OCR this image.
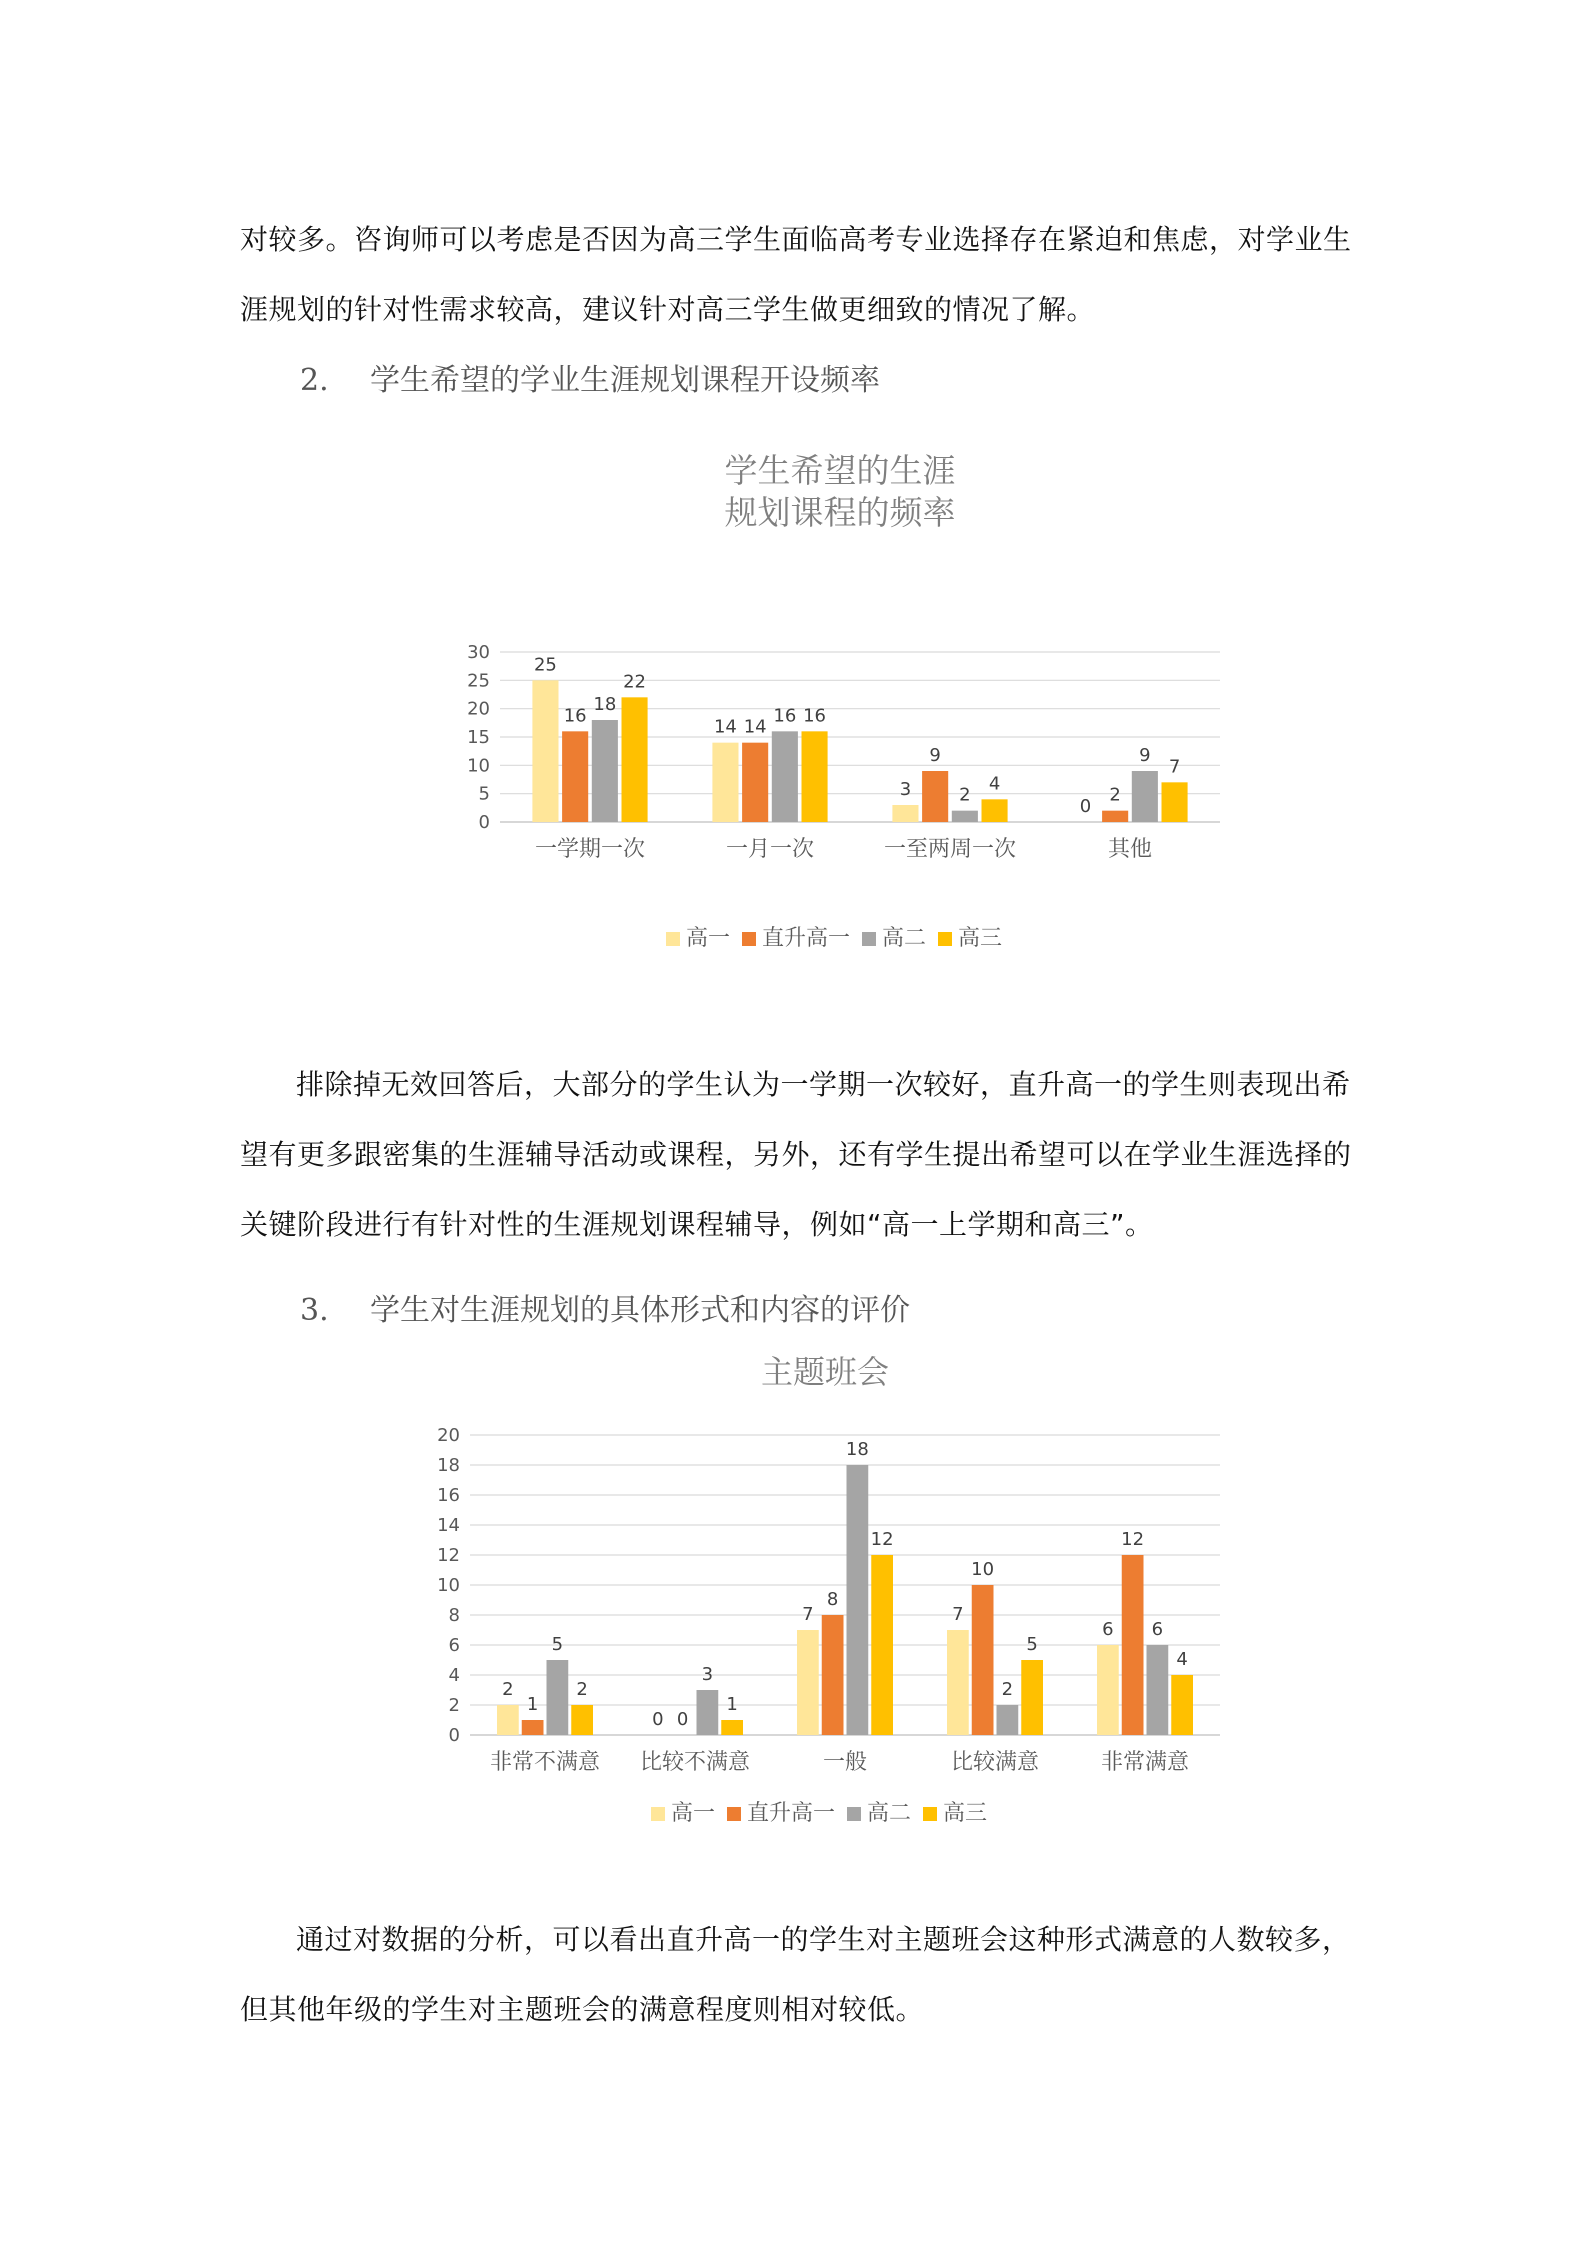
对较多。咨询师可以考虑是否因为高三学生面临高考专业选择存在紧迫和焦虑，对学业生涯规划的针对性需求较高，建议针对高三学生做更细致的情况了解。

2. 学生希望的学业生涯规划课程开设频率

学生希望的生涯
规划课程的频率
0
5
10
15
20
25
30
25
16
18
22
一学期一次
14 14
16 16
一月一次
3
9
2
4
一至两周一次
0
2
9
7
其他
高一 直升高一 高二 高三

排除掉无效回答后，大部分的学生认为一学期一次较好，直升高一的学生则表现出希望有更多跟密集的生涯辅导活动或课程，另外，还有学生提出希望可以在学业生涯选择的关键阶段进行有针对性的生涯规划课程辅导，例如“高一上学期和高三”。

3. 学生对生涯规划的具体形式和内容的评价

主题班会
0
2
4
6
8
10
12
14
16
18
20
2
1
5
2
非常不满意
0 0
3
1
比较不满意
7
8
18
12
一般
7
10
2
5
比较满意
6
12
6
4
非常满意
高一 直升高一 高二 高三

通过对数据的分析，可以看出直升高一的学生对主题班会这种形式满意的人数较多，但其他年级的学生对主题班会的满意程度则相对较低。
